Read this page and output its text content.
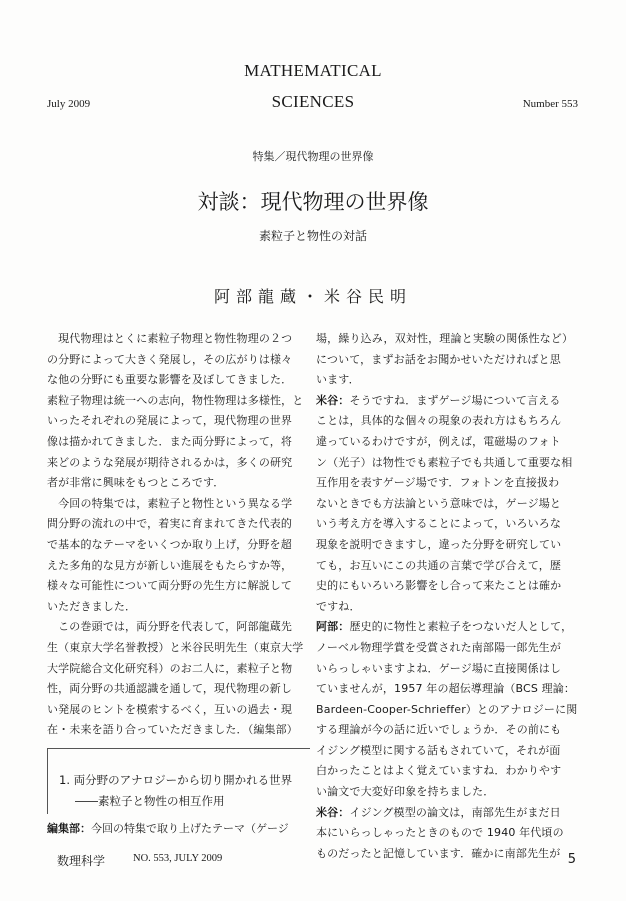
MATHEMATICAL
SCIENCES
July 2009	Number 553
特集／現代物理の世界像
対談：現代物理の世界像
素粒子と物性の対話
阿部龍蔵・米谷民明

　現代物理はとくに素粒子物理と物性物理の２つ

の分野によって大きく発展し，その広がりは様々

な他の分野にも重要な影響を及ぼしてきました．

素粒子物理は統一への志向，物性物理は多様性，と

いったそれぞれの発展によって，現代物理の世界

像は描かれてきました．また両分野によって，将

来どのような発展が期待されるかは，多くの研究

者が非常に興味をもつところです．

　今回の特集では，素粒子と物性という異なる学

問分野の流れの中で，着実に育まれてきた代表的

で基本的なテーマをいくつか取り上げ，分野を超

えた多角的な見方が新しい進展をもたらすか等，

様々な可能性について両分野の先生方に解説して

いただきました．

　この巻頭では，両分野を代表して，阿部龍蔵先

生（東京大学名誉教授）と米谷民明先生（東京大学

大学院総合文化研究科）のお二人に，素粒子と物

性，両分野の共通認識を通して，現代物理の新し

い発展のヒントを模索するべく，互いの過去・現

在・未来を語り合っていただきました．（編集部）

1. 両分野のアナロジーから切り開かれる世界
――素粒子と物性の相互作用
編集部：今回の特集で取り上げたテーマ（ゲージ

場，繰り込み，双対性，理論と実験の関係性など）

について，まずお話をお聞かせいただければと思

います．

米谷：そうですね．まずゲージ場について言える

ことは，具体的な個々の現象の表れ方はもちろん

違っているわけですが，例えば，電磁場のフォト

ン（光子）は物性でも素粒子でも共通して重要な相

互作用を表すゲージ場です．フォトンを直接扱わ

ないときでも方法論という意味では，ゲージ場と

いう考え方を導入することによって，いろいろな

現象を説明できますし，違った分野を研究してい

ても，お互いにこの共通の言葉で学び合えて，歴

史的にもいろいろ影響をし合って来たことは確か

ですね．

阿部：歴史的に物性と素粒子をつないだ人として，

ノーベル物理学賞を受賞された南部陽一郎先生が

いらっしゃいますよね．ゲージ場に直接関係はし

ていませんが，1957 年の超伝導理論（BCS 理論：

Bardeen-Cooper-Schrieffer）とのアナロジーに関

する理論が今の話に近いでしょうか．その前にも

イジング模型に関する話もされていて，それが面

白かったことはよく覚えていますね．わかりやす

い論文で大変好印象を持ちました．

米谷：イジング模型の論文は，南部先生がまだ日

本にいらっしゃったときのもので 1940 年代頃の

ものだったと記憶しています．確かに南部先生が

数理科学	NO. 553, JULY 2009	5
